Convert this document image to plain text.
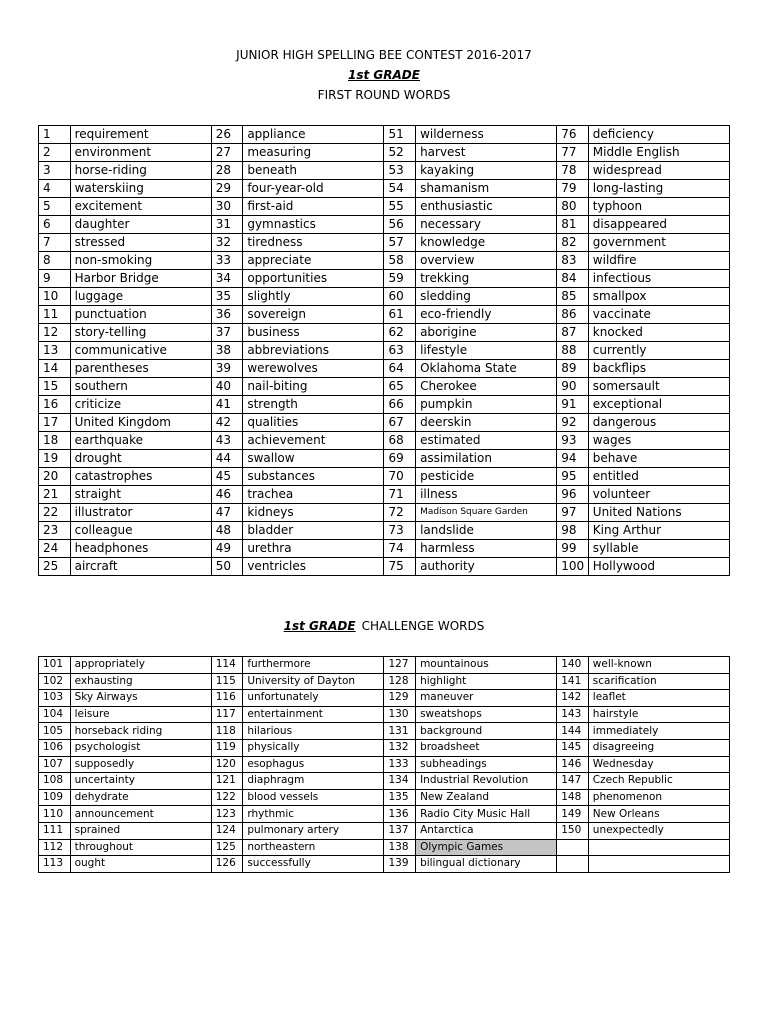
JUNIOR HIGH SPELLING BEE CONTEST 2016-2017
1st GRADE
FIRST ROUND WORDS
1	requirement	26	appliance	51	wilderness	76	deficiency
2	environment	27	measuring	52	harvest	77	Middle English
3	horse-riding	28	beneath	53	kayaking	78	widespread
4	waterskiing	29	four-year-old	54	shamanism	79	long-lasting
5	excitement	30	first-aid	55	enthusiastic	80	typhoon
6	daughter	31	gymnastics	56	necessary	81	disappeared
7	stressed	32	tiredness	57	knowledge	82	government
8	non-smoking	33	appreciate	58	overview	83	wildfire
9	Harbor Bridge	34	opportunities	59	trekking	84	infectious
10	luggage	35	slightly	60	sledding	85	smallpox
11	punctuation	36	sovereign	61	eco-friendly	86	vaccinate
12	story-telling	37	business	62	aborigine	87	knocked
13	communicative	38	abbreviations	63	lifestyle	88	currently
14	parentheses	39	werewolves	64	Oklahoma State	89	backflips
15	southern	40	nail-biting	65	Cherokee	90	somersault
16	criticize	41	strength	66	pumpkin	91	exceptional
17	United Kingdom	42	qualities	67	deerskin	92	dangerous
18	earthquake	43	achievement	68	estimated	93	wages
19	drought	44	swallow	69	assimilation	94	behave
20	catastrophes	45	substances	70	pesticide	95	entitled
21	straight	46	trachea	71	illness	96	volunteer
22	illustrator	47	kidneys	72	Madison Square Garden	97	United Nations
23	colleague	48	bladder	73	landslide	98	King Arthur
24	headphones	49	urethra	74	harmless	99	syllable
25	aircraft	50	ventricles	75	authority	100	Hollywood
1st GRADE CHALLENGE WORDS
101	appropriately	114	furthermore	127	mountainous	140	well-known
102	exhausting	115	University of Dayton	128	highlight	141	scarification
103	Sky Airways	116	unfortunately	129	maneuver	142	leaflet
104	leisure	117	entertainment	130	sweatshops	143	hairstyle
105	horseback riding	118	hilarious	131	background	144	immediately
106	psychologist	119	physically	132	broadsheet	145	disagreeing
107	supposedly	120	esophagus	133	subheadings	146	Wednesday
108	uncertainty	121	diaphragm	134	Industrial Revolution	147	Czech Republic
109	dehydrate	122	blood vessels	135	New Zealand	148	phenomenon
110	announcement	123	rhythmic	136	Radio City Music Hall	149	New Orleans
111	sprained	124	pulmonary artery	137	Antarctica	150	unexpectedly
112	throughout	125	northeastern	138	Olympic Games		
113	ought	126	successfully	139	bilingual dictionary		
